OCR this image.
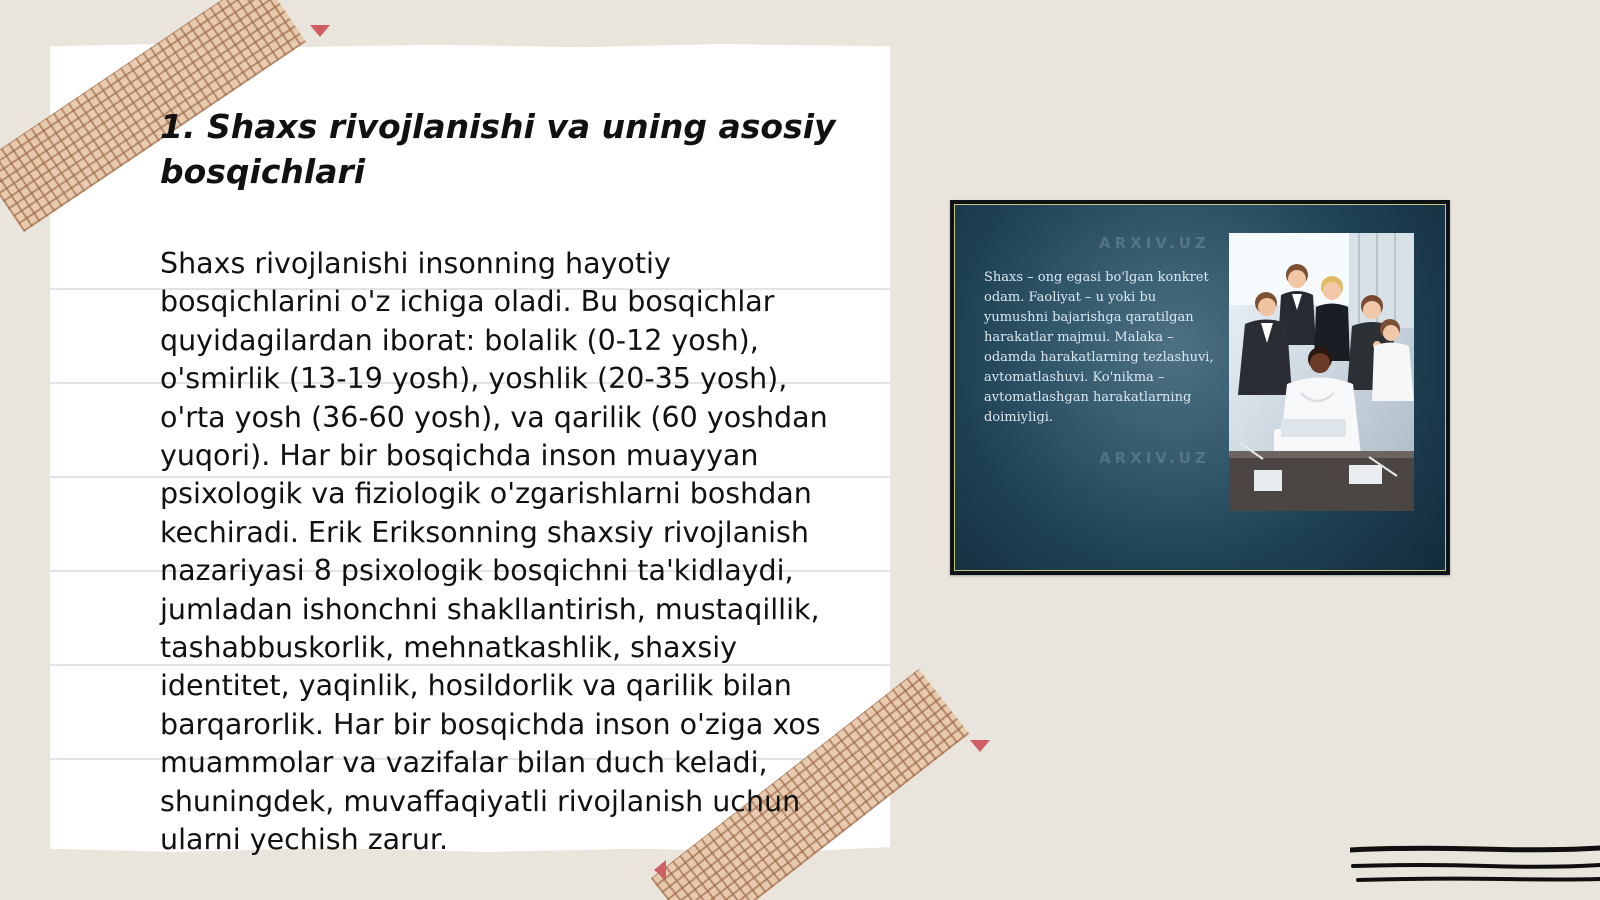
1. Shaxs rivojlanishi va uning asosiy bosqichlari

Shaxs rivojlanishi insonning hayotiy bosqichlarini o'z ichiga oladi. Bu bosqichlar quyidagilardan iborat: bolalik (0-12 yosh), o'smirlik (13-19 yosh), yoshlik (20-35 yosh), o'rta yosh (36-60 yosh), va qarilik (60 yoshdan yuqori). Har bir bosqichda inson muayyan psixologik va fiziologik o'zgarishlarni boshdan kechiradi. Erik Eriksonning shaxsiy rivojlanish nazariyasi 8 psixologik bosqichni ta'kidlaydi, jumladan ishonchni shakllantirish, mustaqillik, tashabbuskorlik, mehnatkashlik, shaxsiy identitet, yaqinlik, hosildorlik va qarilik bilan barqarorlik. Har bir bosqichda inson o'ziga xos muammolar va vazifalar bilan duch keladi, shuningdek, muvaffaqiyatli rivojlanish uchun ularni yechish zarur.

ARXIV.UZ
ARXIV.UZ

Shaxs – ong egasi bo'lgan konkret odam. Faoliyat – u yoki bu yumushni bajarishga qaratilgan harakatlar majmui. Malaka – odamda harakatlarning tezlashuvi, avtomatlashuvi. Ko'nikma – avtomatlashgan harakatlarning doimiyligi.
